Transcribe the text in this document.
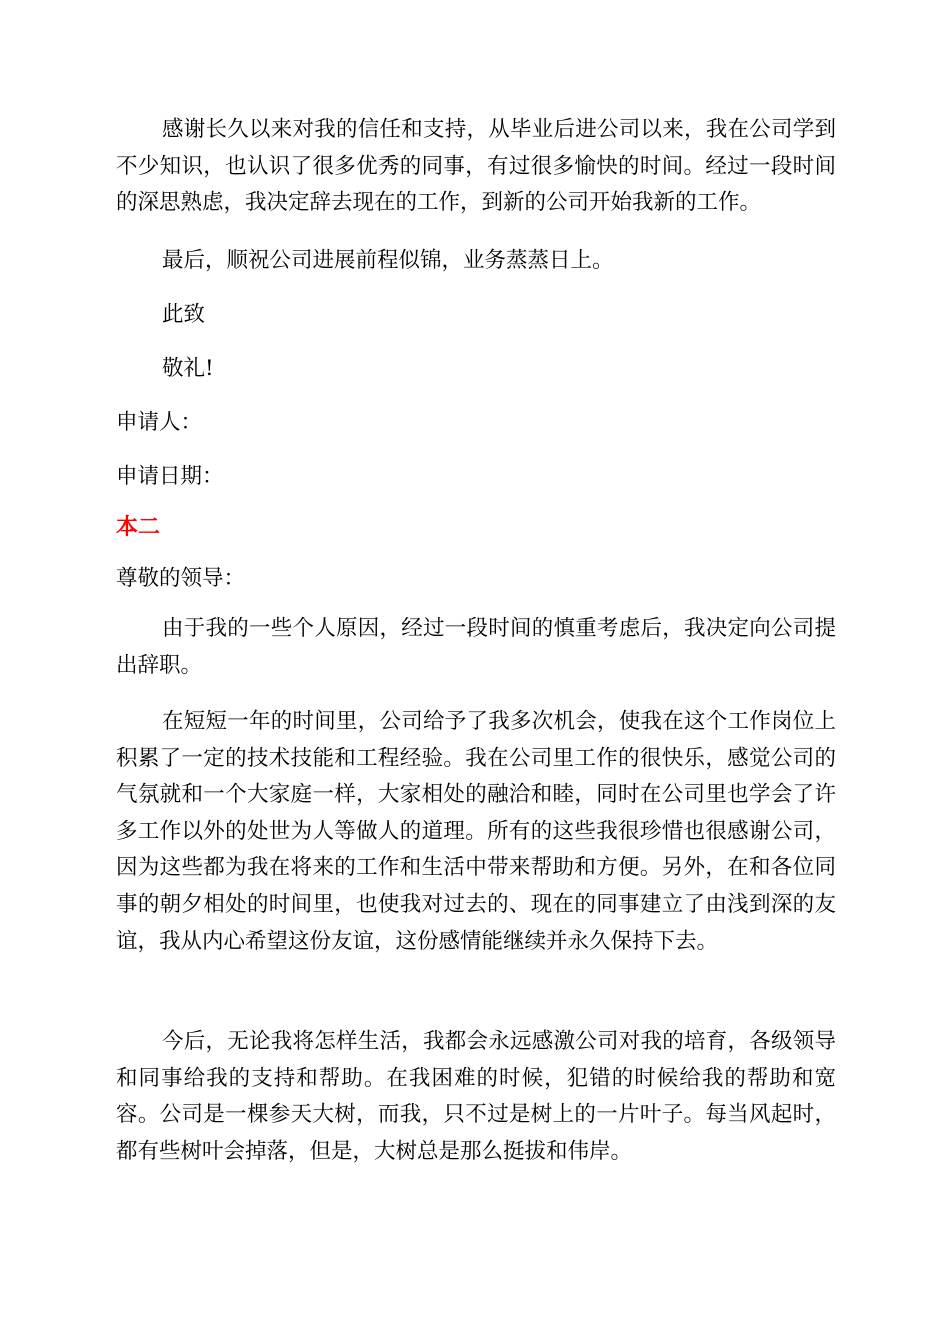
感谢长久以来对我的信任和支持，从毕业后进公司以来，我在公司学到不少知识，也认识了很多优秀的同事，有过很多愉快的时间。经过一段时间的深思熟虑，我决定辞去现在的工作，到新的公司开始我新的工作。

最后，顺祝公司进展前程似锦，业务蒸蒸日上。

此致

敬礼!

申请人：

申请日期：

本二

尊敬的领导：

由于我的一些个人原因，经过一段时间的慎重考虑后，我决定向公司提出辞职。

在短短一年的时间里，公司给予了我多次机会，使我在这个工作岗位上积累了一定的技术技能和工程经验。我在公司里工作的很快乐，感觉公司的气氛就和一个大家庭一样，大家相处的融洽和睦，同时在公司里也学会了许多工作以外的处世为人等做人的道理。所有的这些我很珍惜也很感谢公司，因为这些都为我在将来的工作和生活中带来帮助和方便。另外，在和各位同事的朝夕相处的时间里，也使我对过去的、现在的同事建立了由浅到深的友谊，我从内心希望这份友谊，这份感情能继续并永久保持下去。

今后，无论我将怎样生活，我都会永远感激公司对我的培育，各级领导和同事给我的支持和帮助。在我困难的时候，犯错的时候给我的帮助和宽容。公司是一棵参天大树，而我，只不过是树上的一片叶子。每当风起时，都有些树叶会掉落，但是，大树总是那么挺拔和伟岸。
